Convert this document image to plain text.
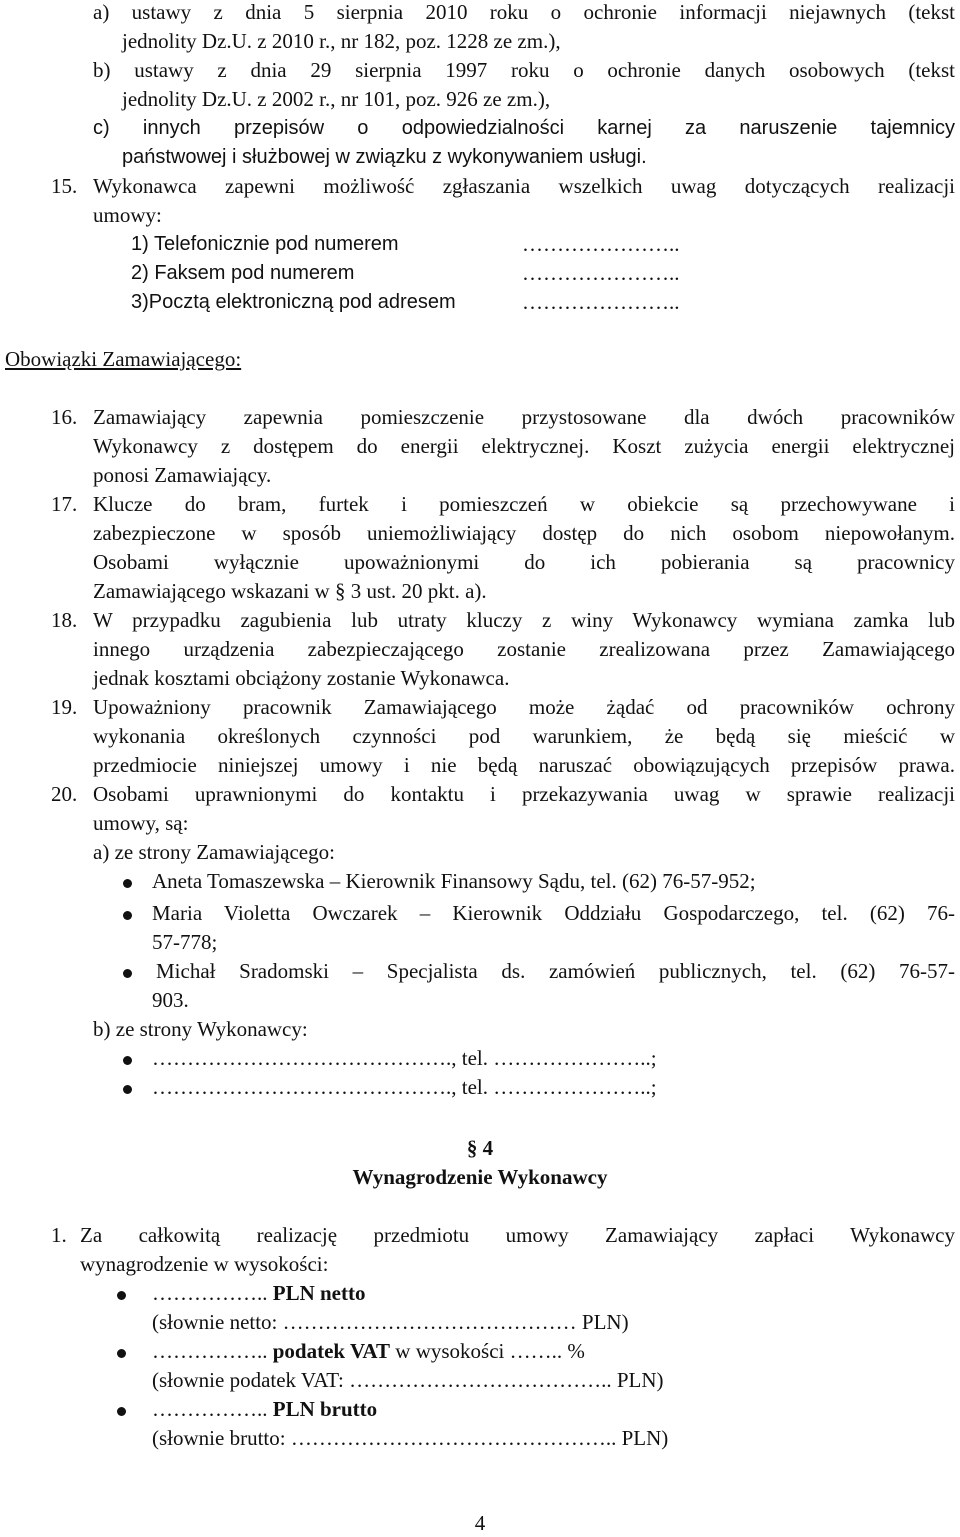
a) ustawy z dnia 5 sierpnia 2010 roku o ochronie informacji niejawnych (tekst
jednolity Dz.U. z 2010 r., nr 182, poz. 1228 ze zm.),
b) ustawy z dnia 29 sierpnia 1997 roku o ochronie danych osobowych (tekst
jednolity Dz.U. z 2002 r., nr 101, poz. 926 ze zm.),
c) innych przepisów o odpowiedzialności karnej za naruszenie tajemnicy
państwowej i służbowej w związku z wykonywaniem usługi.
15. Wykonawca zapewni możliwość zgłaszania wszelkich uwag dotyczących realizacji
umowy:
1) Telefonicznie pod numerem	…………………..
2) Faksem pod numerem	…………………..
3)Pocztą elektroniczną pod adresem	…………………..
Obowiązki Zamawiającego:
16. Zamawiający zapewnia pomieszczenie przystosowane dla dwóch pracowników
Wykonawcy z dostępem do energii elektrycznej. Koszt zużycia energii elektrycznej
ponosi Zamawiający.
17. Klucze do bram, furtek i pomieszczeń w obiekcie są przechowywane i
zabezpieczone w sposób uniemożliwiający dostęp do nich osobom niepowołanym.
Osobami wyłącznie upoważnionymi do ich pobierania są pracownicy
Zamawiającego wskazani w § 3 ust. 20 pkt. a).
18. W przypadku zagubienia lub utraty kluczy z winy Wykonawcy wymiana zamka lub
innego urządzenia zabezpieczającego zostanie zrealizowana przez Zamawiającego
jednak kosztami obciążony zostanie Wykonawca.
19. Upoważniony pracownik Zamawiającego może żądać od pracowników ochrony
wykonania określonych czynności pod warunkiem, że będą się mieścić w
przedmiocie niniejszej umowy i nie będą naruszać obowiązujących przepisów prawa.
20. Osobami uprawnionymi do kontaktu i przekazywania uwag w sprawie realizacji
umowy, są:
a) ze strony Zamawiającego:
Aneta Tomaszewska – Kierownik Finansowy Sądu, tel. (62) 76-57-952;
Maria Violetta Owczarek – Kierownik Oddziału Gospodarczego, tel. (62) 76-
57-778;
Michał Sradomski – Specjalista ds. zamówień publicznych, tel. (62) 76-57-
903.
b) ze strony Wykonawcy:
……………………………………., tel. …………………..;
……………………………………., tel. …………………..;
§ 4
Wynagrodzenie Wykonawcy
1. Za całkowitą realizację przedmiotu umowy Zamawiający zapłaci Wykonawcy
wynagrodzenie w wysokości:
…………….. PLN netto
(słownie netto: …………………………………… PLN)
…………….. podatek VAT w wysokości …….. %
(słownie podatek VAT: ……………………………….. PLN)
…………….. PLN brutto
(słownie brutto: ……………………………………….. PLN)
4
